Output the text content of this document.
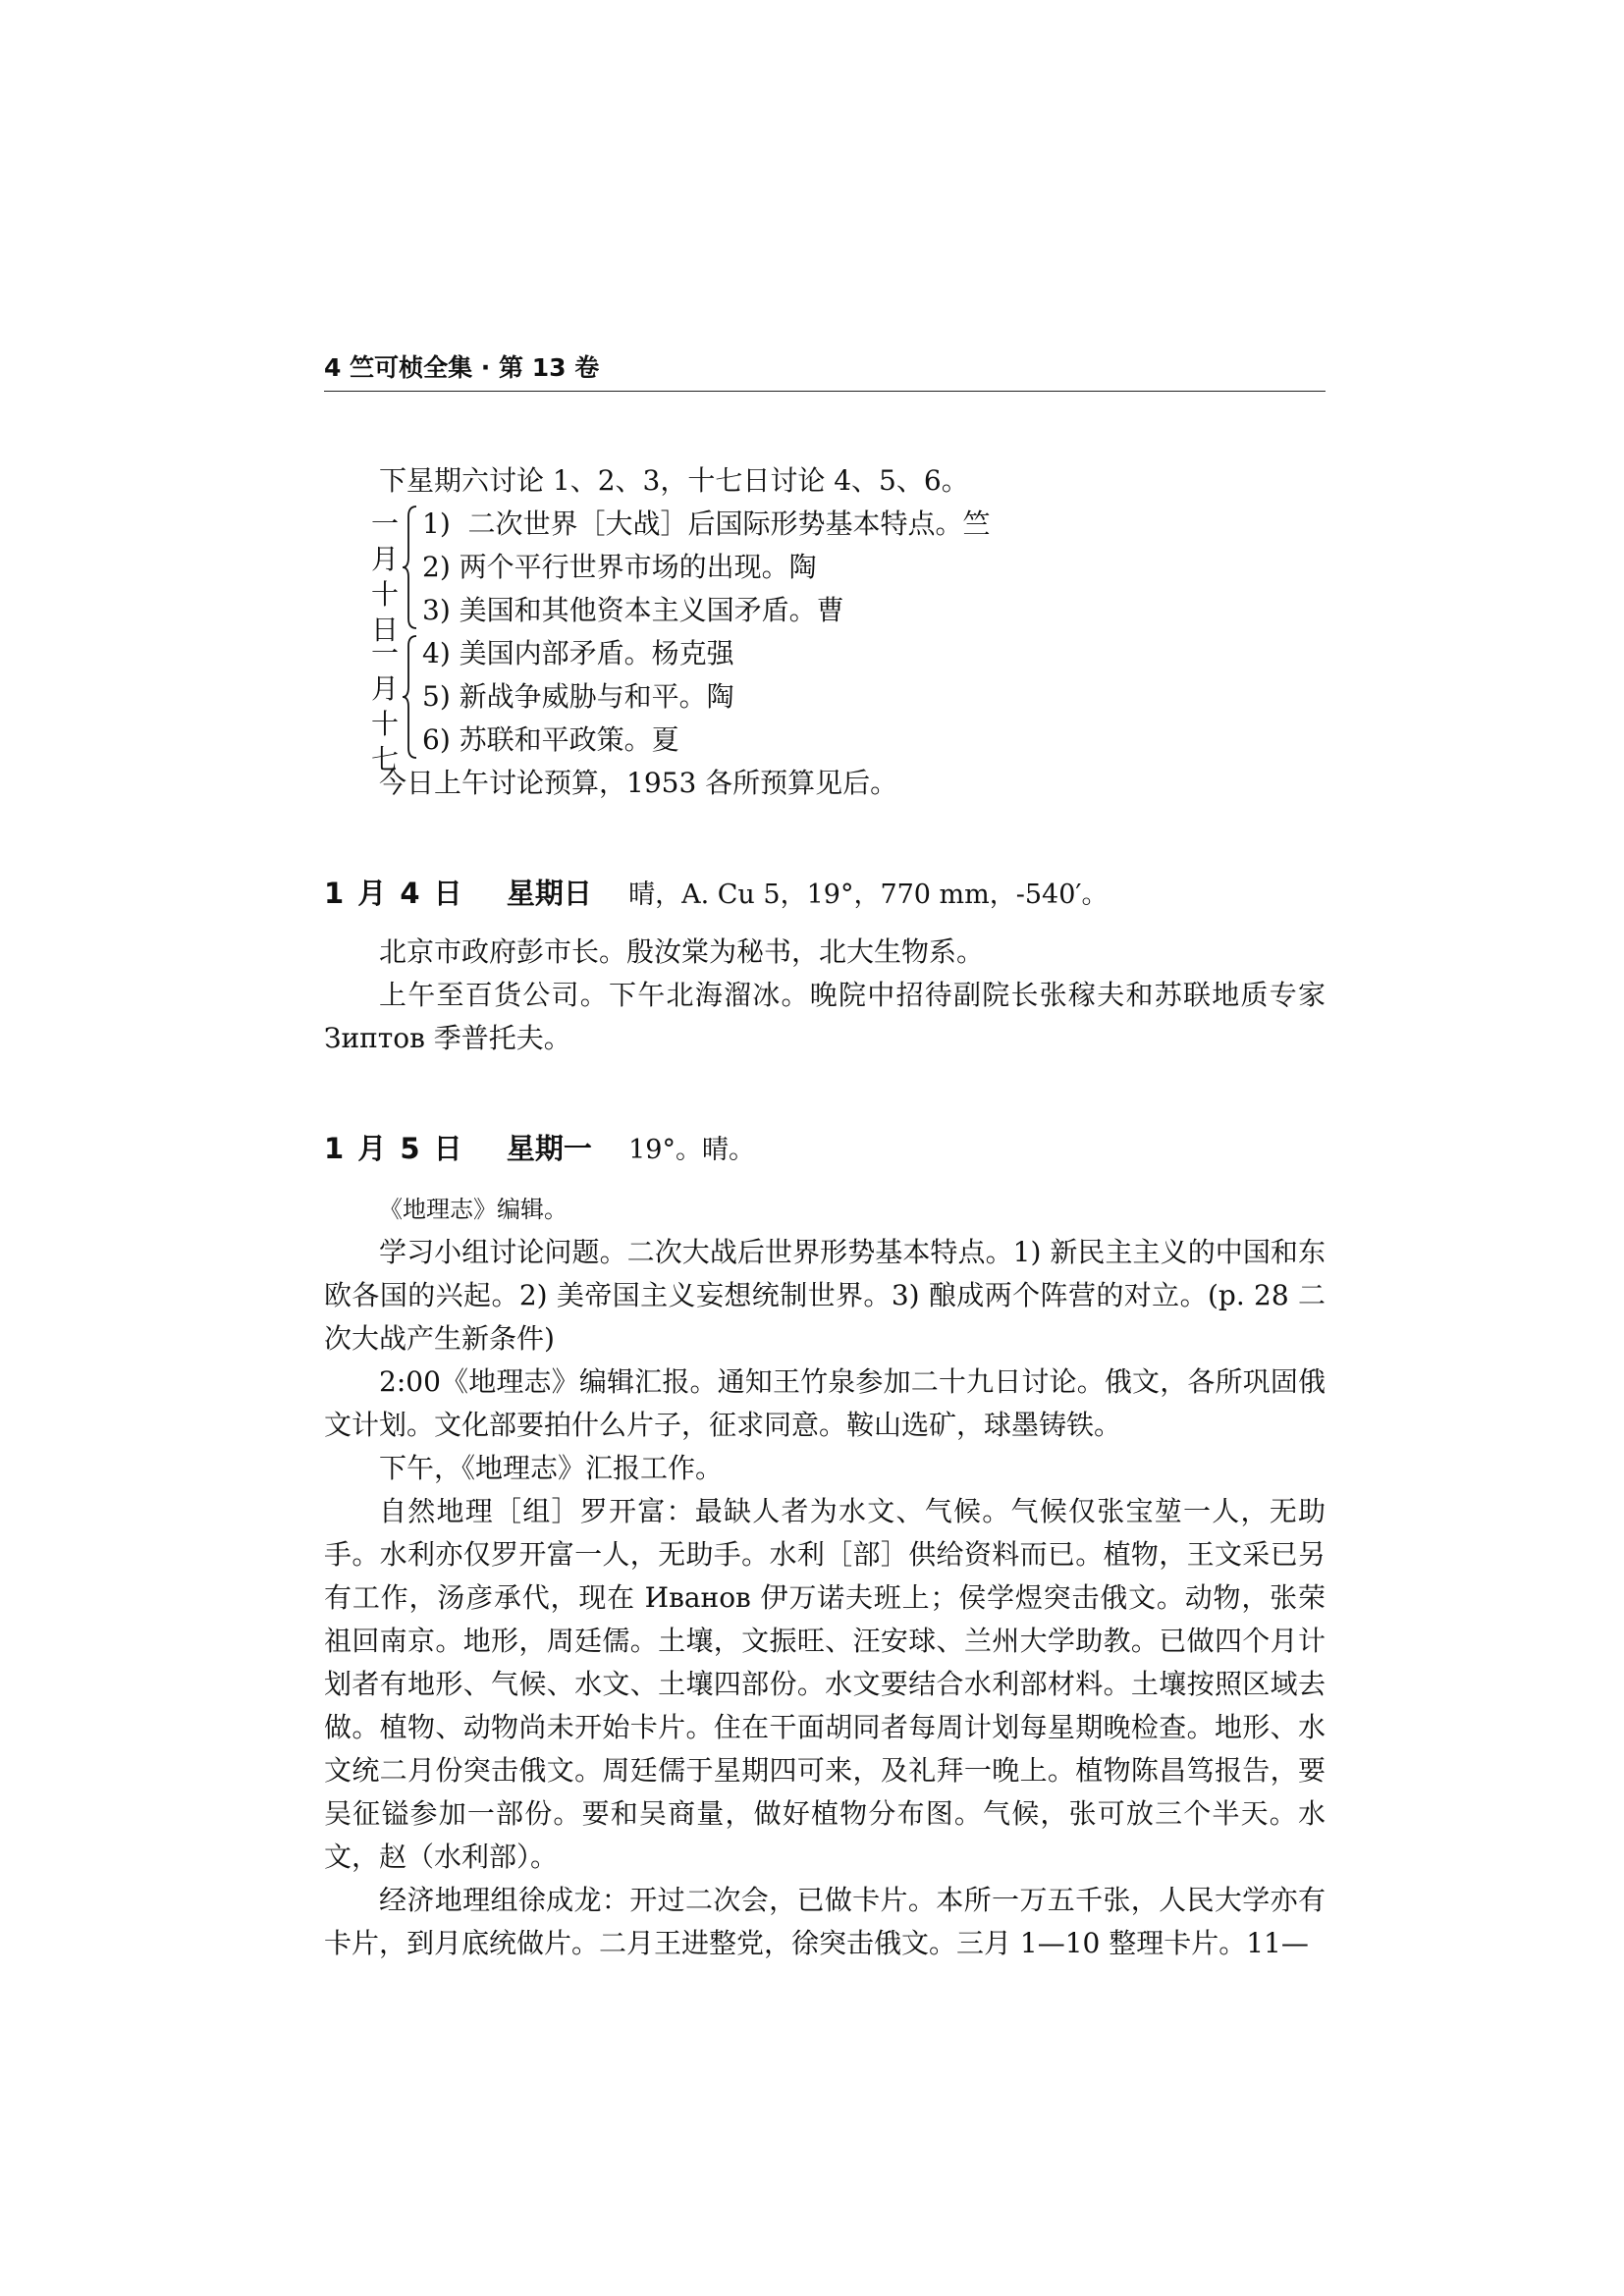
4 竺可桢全集 · 第 13 卷

下星期六讨论 1、2、3，十七日讨论 4、5、6。

一
月
十
日

1)  二次世界［大战］后国际形势基本特点。竺

2) 两个平行世界市场的出现。陶

3) 美国和其他资本主义国矛盾。曹

一
月
十
七

4) 美国内部矛盾。杨克强

5) 新战争威胁与和平。陶

6) 苏联和平政策。夏

今日上午讨论预算，1953 各所预算见后。

1 月 4 日 星期日 晴，A. Cu 5，19°，770 mm，-540′。

北京市政府彭市长。殷汝棠为秘书，北大生物系。

上午至百货公司。下午北海溜冰。晚院中招待副院长张稼夫和苏联地质专家 Зиптов 季普托夫。

1 月 5 日 星期一 19°。晴。

《地理志》编辑。

学习小组讨论问题。二次大战后世界形势基本特点。1) 新民主主义的中国和东欧各国的兴起。2) 美帝国主义妄想统制世界。3) 酿成两个阵营的对立。(p. 28 二次大战产生新条件)

2:00《地理志》编辑汇报。通知王竹泉参加二十九日讨论。俄文，各所巩固俄文计划。文化部要拍什么片子，征求同意。鞍山选矿，球墨铸铁。

下午，《地理志》汇报工作。

自然地理［组］罗开富：最缺人者为水文、气候。气候仅张宝堃一人，无助手。水利亦仅罗开富一人，无助手。水利［部］供给资料而已。植物，王文采已另有工作，汤彦承代，现在 Иванов 伊万诺夫班上；侯学煜突击俄文。动物，张荣祖回南京。地形，周廷儒。土壤，文振旺、汪安球、兰州大学助教。已做四个月计划者有地形、气候、水文、土壤四部份。水文要结合水利部材料。土壤按照区域去做。植物、动物尚未开始卡片。住在干面胡同者每周计划每星期晚检查。地形、水文统二月份突击俄文。周廷儒于星期四可来，及礼拜一晚上。植物陈昌笃报告，要吴征镒参加一部份。要和吴商量，做好植物分布图。气候，张可放三个半天。水文，赵（水利部）。

经济地理组徐成龙：开过二次会，已做卡片。本所一万五千张，人民大学亦有卡片，到月底统做片。二月王进整党，徐突击俄文。三月 1—10 整理卡片。11—
